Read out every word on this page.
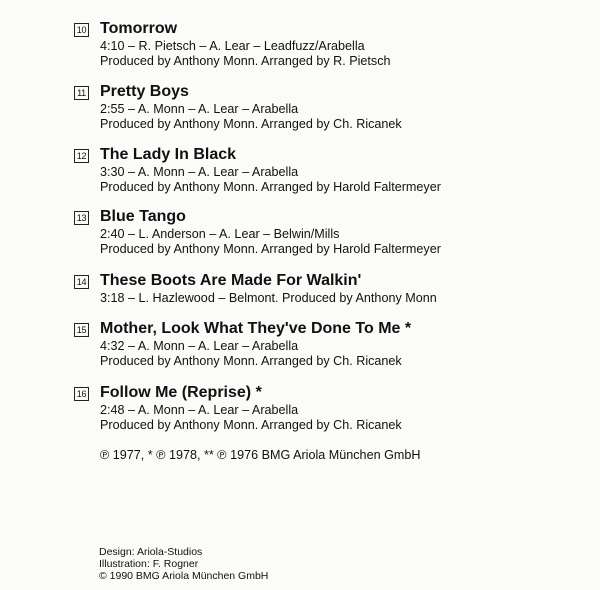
10 Tomorrow
4:10 – R. Pietsch – A. Lear – Leadfuzz/Arabella
Produced by Anthony Monn. Arranged by R. Pietsch
11 Pretty Boys
2:55 – A. Monn – A. Lear – Arabella
Produced by Anthony Monn. Arranged by Ch. Ricanek
12 The Lady In Black
3:30 – A. Monn – A. Lear – Arabella
Produced by Anthony Monn. Arranged by Harold Faltermeyer
13 Blue Tango
2:40 – L. Anderson – A. Lear – Belwin/Mills
Produced by Anthony Monn. Arranged by Harold Faltermeyer
14 These Boots Are Made For Walkin'
3:18 – L. Hazlewood – Belmont. Produced by Anthony Monn
15 Mother, Look What They've Done To Me *
4:32 – A. Monn – A. Lear – Arabella
Produced by Anthony Monn. Arranged by Ch. Ricanek
16 Follow Me (Reprise) *
2:48 – A. Monn – A. Lear – Arabella
Produced by Anthony Monn. Arranged by Ch. Ricanek
℗ 1977, * ℗ 1978, ** ℗ 1976 BMG Ariola München GmbH
Design: Ariola-Studios
Illustration: F. Rogner
© 1990 BMG Ariola München GmbH
